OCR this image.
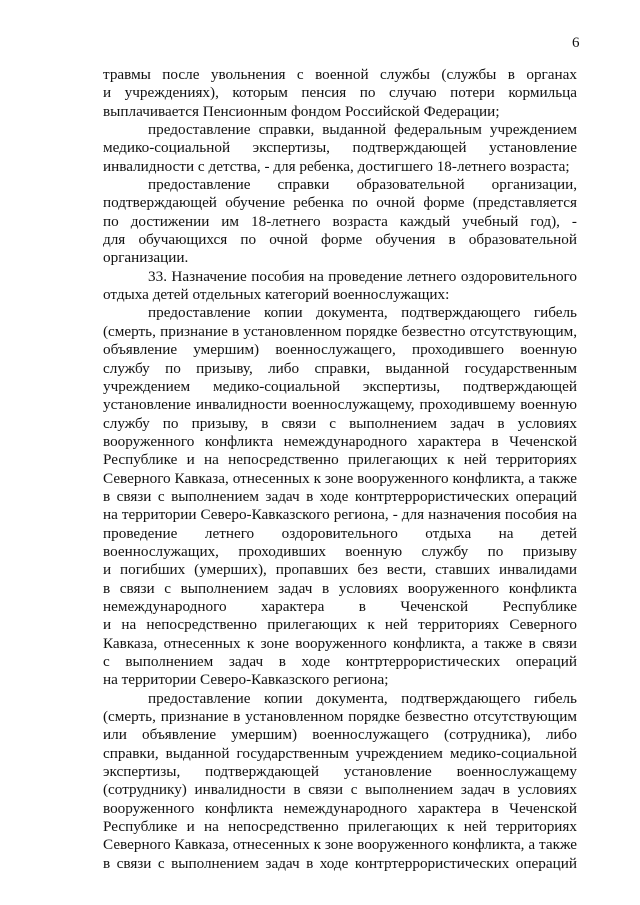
6
травмы после увольнения с военной службы (службы в органах
и учреждениях), которым пенсия по случаю потери кормильца
выплачивается Пенсионным фондом Российской Федерации;
предоставление справки, выданной федеральным учреждением
медико-социальной экспертизы, подтверждающей установление
инвалидности с детства, - для ребенка, достигшего 18-летнего возраста;
предоставление справки образовательной организации,
подтверждающей обучение ребенка по очной форме (представляется
по достижении им 18-летнего возраста каждый учебный год), -
для обучающихся по очной форме обучения в образовательной
организации.
33. Назначение пособия на проведение летнего оздоровительного
отдыха детей отдельных категорий военнослужащих:
предоставление копии документа, подтверждающего гибель
(смерть, признание в установленном порядке безвестно отсутствующим,
объявление умершим) военнослужащего, проходившего военную
службу по призыву, либо справки, выданной государственным
учреждением медико-социальной экспертизы, подтверждающей
установление инвалидности военнослужащему, проходившему военную
службу по призыву, в связи с выполнением задач в условиях
вооруженного конфликта немеждународного характера в Чеченской
Республике и на непосредственно прилегающих к ней территориях
Северного Кавказа, отнесенных к зоне вооруженного конфликта, а также
в связи с выполнением задач в ходе контртеррористических операций
на территории Северо-Кавказского региона, - для назначения пособия на
проведение летнего оздоровительного отдыха на детей
военнослужащих, проходивших военную службу по призыву
и погибших (умерших), пропавших без вести, ставших инвалидами
в связи с выполнением задач в условиях вооруженного конфликта
немеждународного характера в Чеченской Республике
и на непосредственно прилегающих к ней территориях Северного
Кавказа, отнесенных к зоне вооруженного конфликта, а также в связи
с выполнением задач в ходе контртеррористических операций
на территории Северо-Кавказского региона;
предоставление копии документа, подтверждающего гибель
(смерть, признание в установленном порядке безвестно отсутствующим
или объявление умершим) военнослужащего (сотрудника), либо
справки, выданной государственным учреждением медико-социальной
экспертизы, подтверждающей установление военнослужащему
(сотруднику) инвалидности в связи с выполнением задач в условиях
вооруженного конфликта немеждународного характера в Чеченской
Республике и на непосредственно прилегающих к ней территориях
Северного Кавказа, отнесенных к зоне вооруженного конфликта, а также
в связи с выполнением задач в ходе контртеррористических операций
